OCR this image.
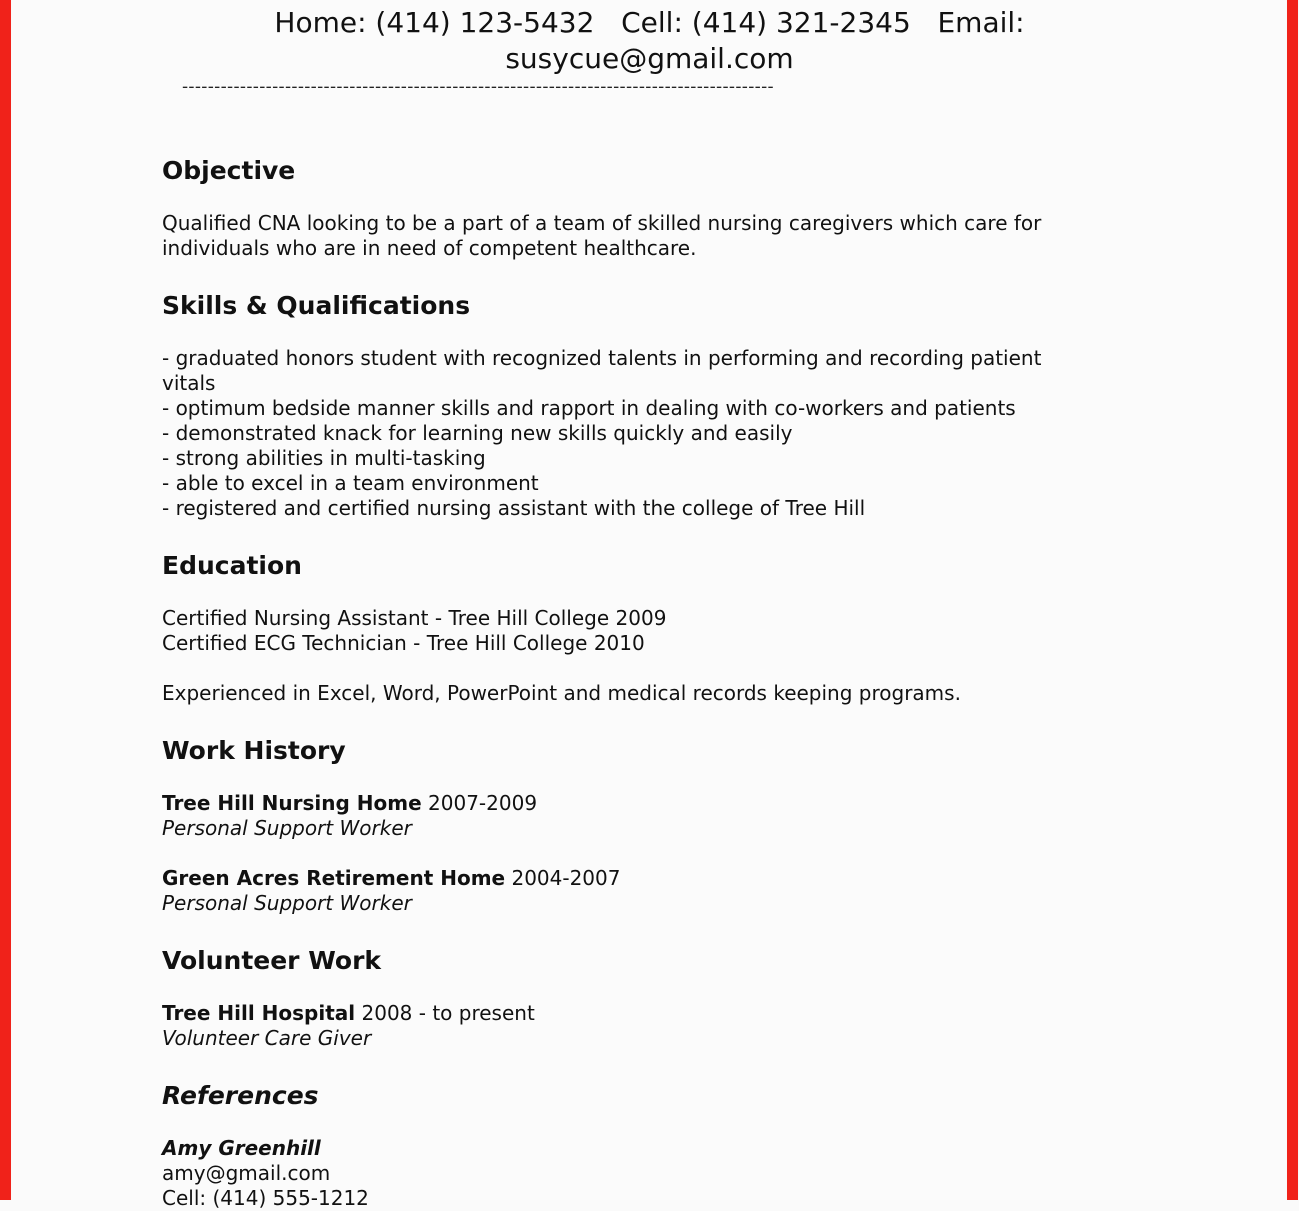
Home: (414) 123-5432   Cell: (414) 321-2345   Email:
susycue@gmail.com
--------------------------------------------------------------------------------------------
Objective
Qualified CNA looking to be a part of a team of skilled nursing caregivers which care for
individuals who are in need of competent healthcare.
Skills & Qualifications
- graduated honors student with recognized talents in performing and recording patient
vitals
- optimum bedside manner skills and rapport in dealing with co-workers and patients
- demonstrated knack for learning new skills quickly and easily
- strong abilities in multi-tasking
- able to excel in a team environment
- registered and certified nursing assistant with the college of Tree Hill
Education
Certified Nursing Assistant - Tree Hill College 2009
Certified ECG Technician - Tree Hill College 2010
Experienced in Excel, Word, PowerPoint and medical records keeping programs.
Work History
Tree Hill Nursing Home 2007-2009
Personal Support Worker
Green Acres Retirement Home 2004-2007
Personal Support Worker
Volunteer Work
Tree Hill Hospital 2008 - to present
Volunteer Care Giver
References
Amy Greenhill
amy@gmail.com
Cell: (414) 555-1212
